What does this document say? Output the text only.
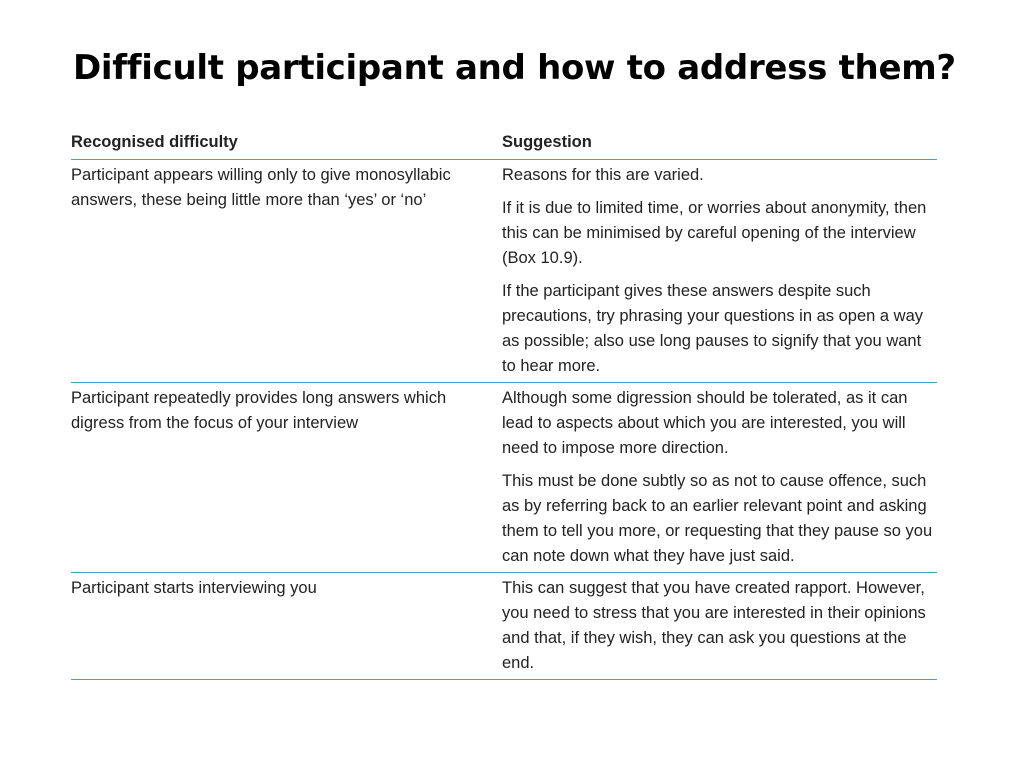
Difficult participant and how to address them?
Recognised difficulty	Suggestion
Participant appears willing only to give monosyllabic answers, these being little more than ‘yes’ or ‘no’	Reasons for this are varied.

If it is due to limited time, or worries about anonymity, then this can be minimised by careful opening of the interview (Box 10.9).

If the participant gives these answers despite such precautions, try phrasing your questions in as open a way as possible; also use long pauses to signify that you want to hear more.

Participant repeatedly provides long answers which digress from the focus of your interview	Although some digression should be tolerated, as it can lead to aspects about which you are interested, you will need to impose more direction.

This must be done subtly so as not to cause offence, such as by referring back to an earlier relevant point and asking them to tell you more, or requesting that they pause so you can note down what they have just said.

Participant starts interviewing you	This can suggest that you have created rapport. However, you need to stress that you are interested in their opinions and that, if they wish, they can ask you questions at the end.
